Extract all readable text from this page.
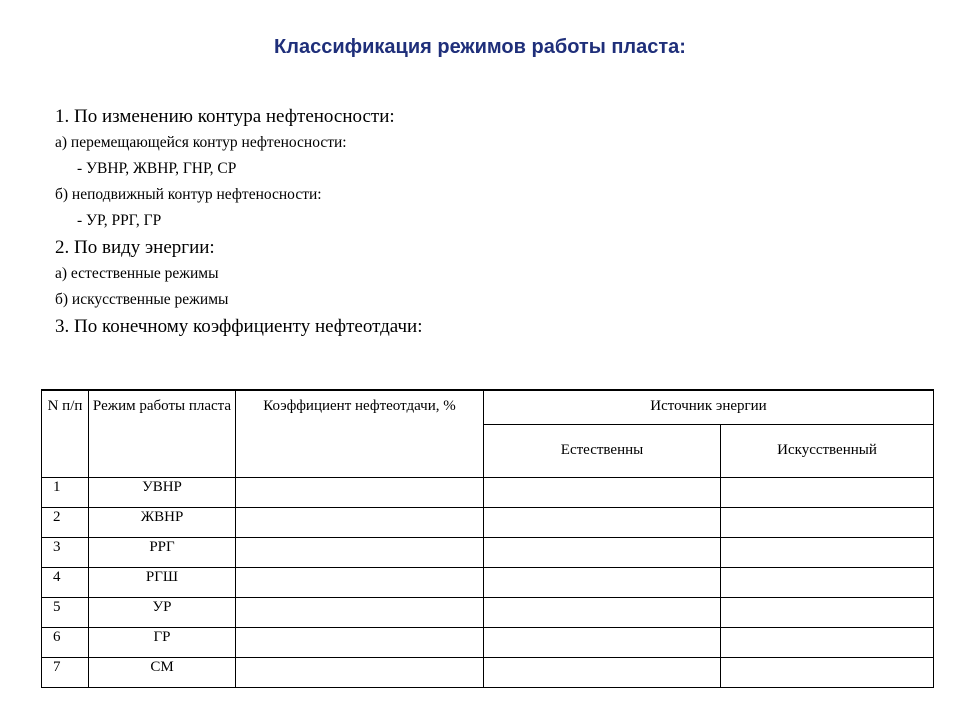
Классификация режимов работы пласта:
1. По изменению контура нефтеносности:
а) перемещающейся контур нефтеносности:
- УВНР, ЖВНР, ГНР, СР
б) неподвижный контур нефтеносности:
- УР, РРГ, ГР
2. По виду энергии:
а) естественные режимы
б) искусственные режимы
3. По конечному коэффициенту нефтеотдачи:
N п/п	Режим работы пласта	Коэффициент нефтеотдачи, %	Источник энергии	
			Естественны	Искусственный
1	УВНР			
2	ЖВНР			
3	РРГ			
4	РГШ			
5	УР			
6	ГР			
7	СМ			
